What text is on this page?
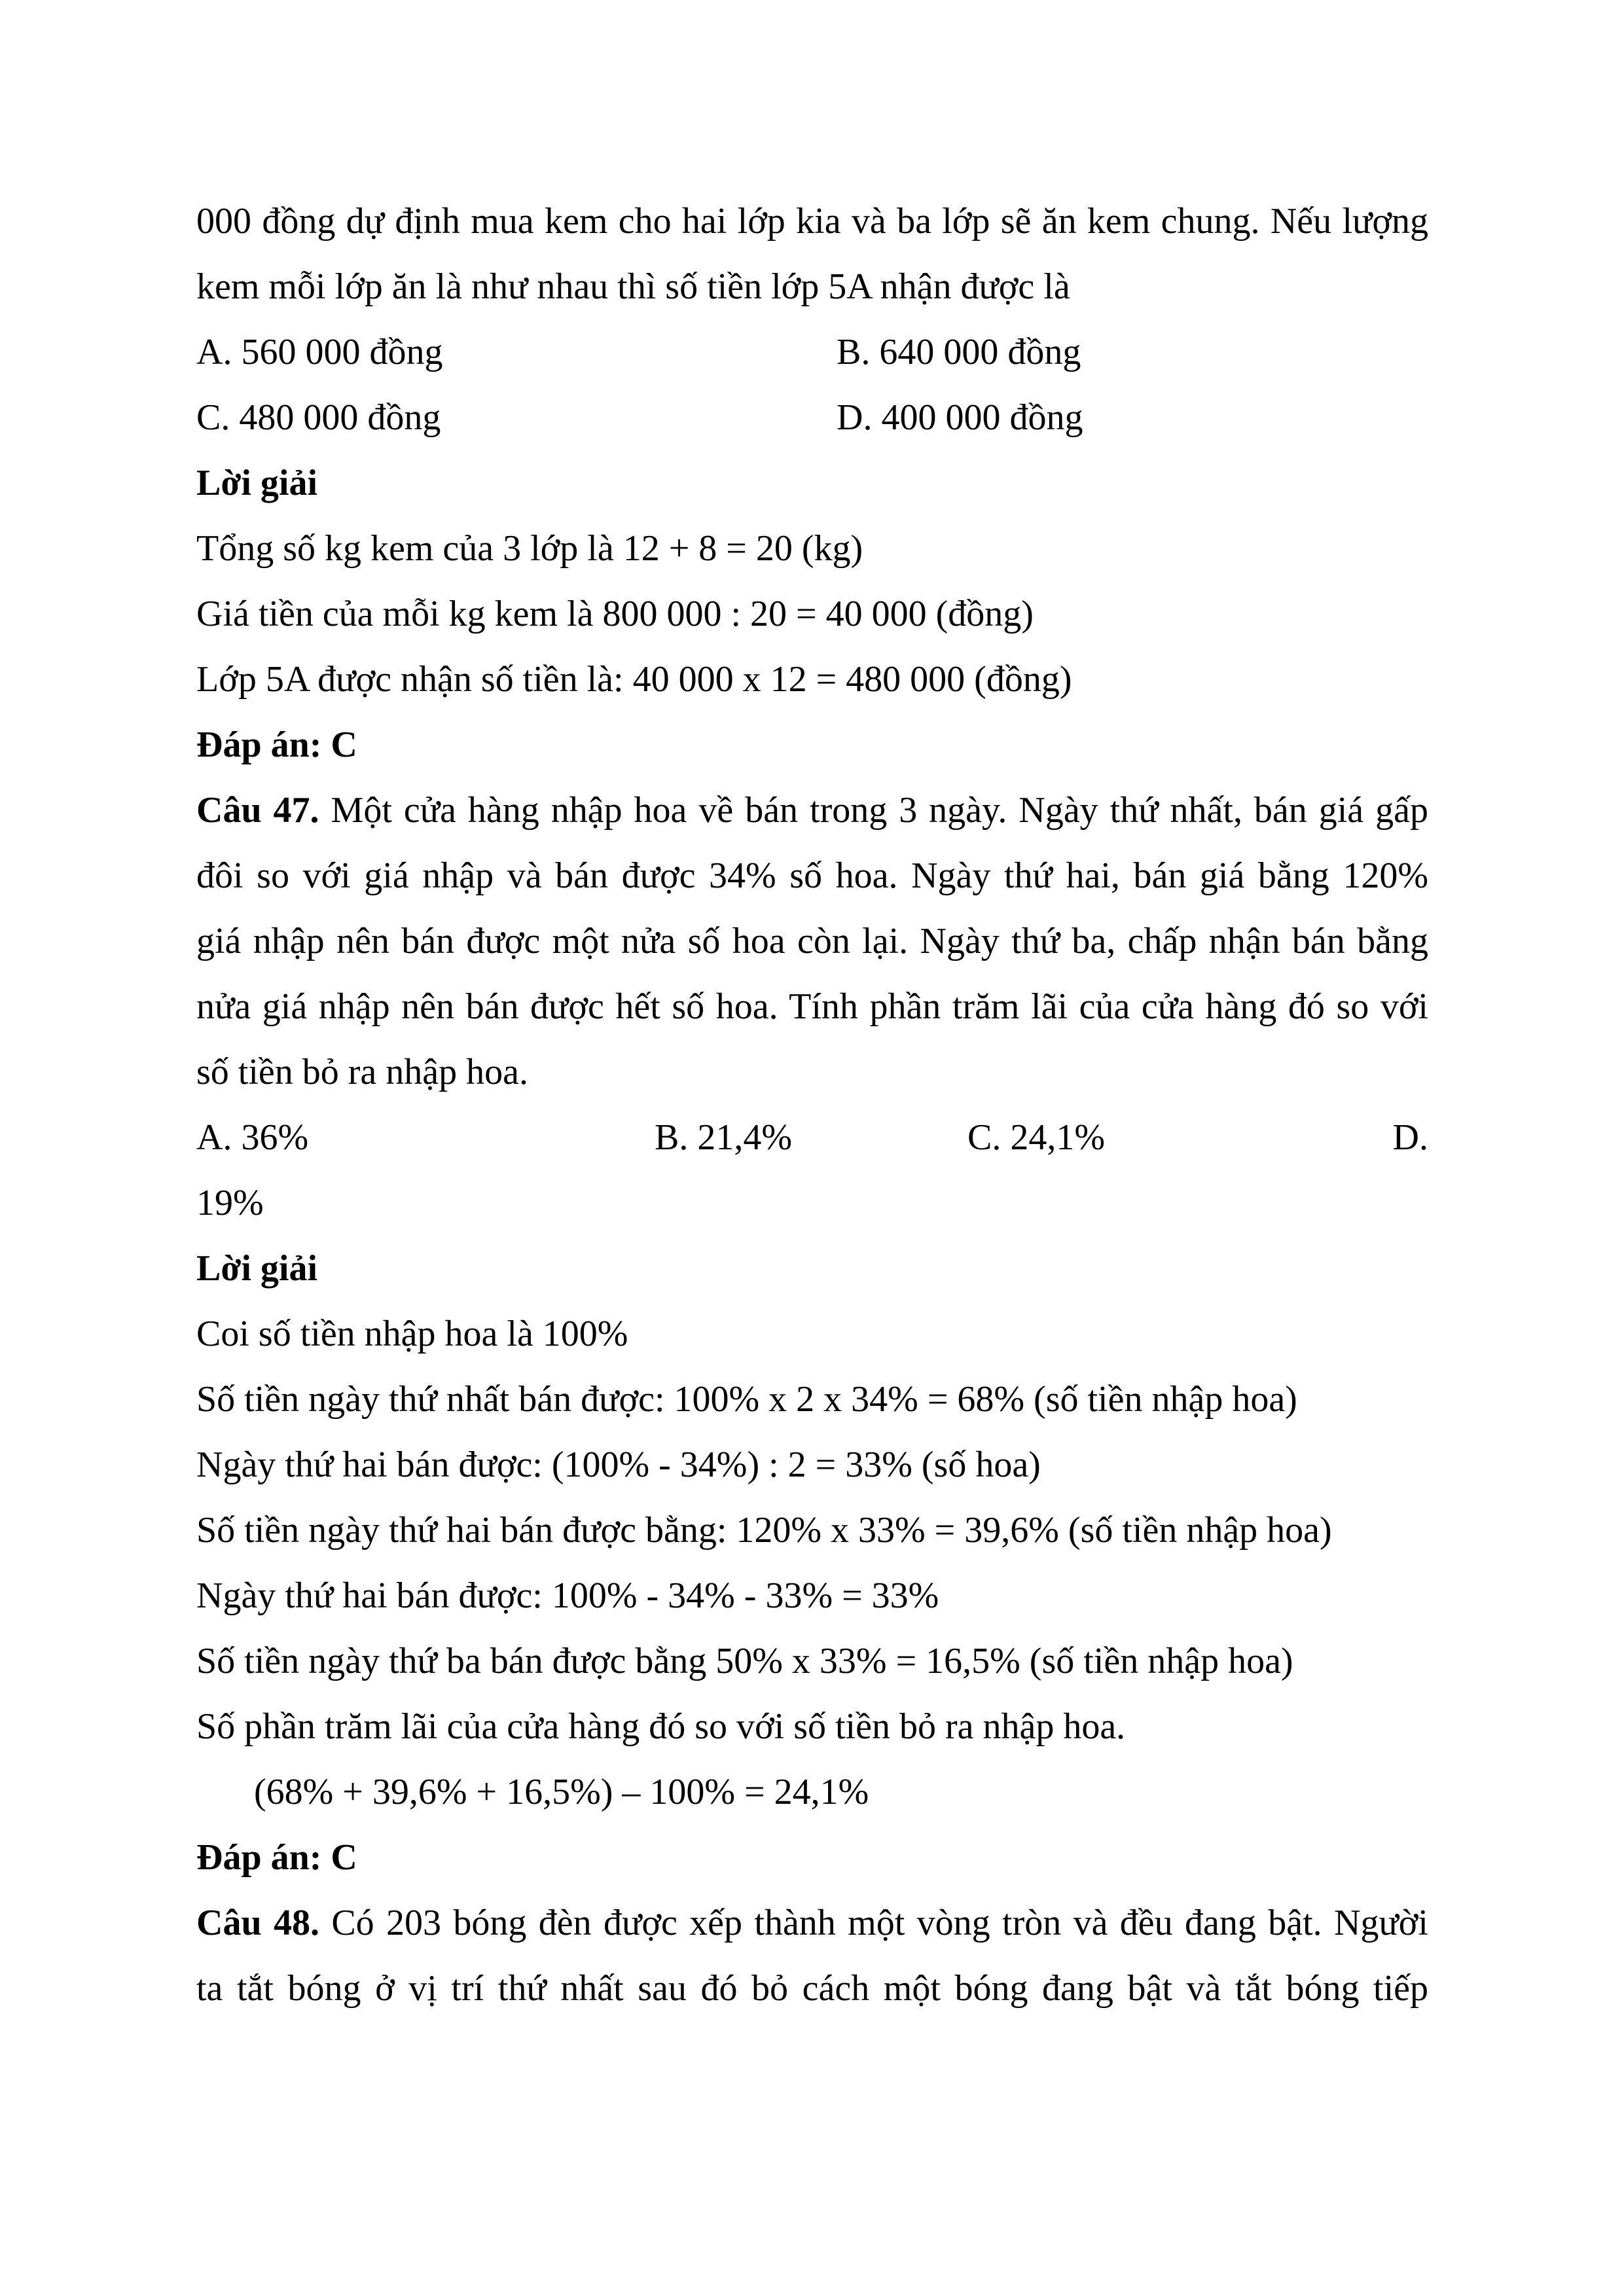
000 đồng dự định mua kem cho hai lớp kia và ba lớp sẽ ăn kem chung. Nếu lượng
kem mỗi lớp ăn là như nhau thì số tiền lớp 5A nhận được là
A. 560 000 đồng	B. 640 000 đồng
C. 480 000 đồng	D. 400 000 đồng
Lời giải
Tổng số kg kem của 3 lớp là 12 + 8 = 20 (kg)
Giá tiền của mỗi kg kem là 800 000 : 20 = 40 000 (đồng)
Lớp 5A được nhận số tiền là: 40 000 x 12 = 480 000 (đồng)
Đáp án: C
Câu 47. Một cửa hàng nhập hoa về bán trong 3 ngày. Ngày thứ nhất, bán giá gấp
đôi so với giá nhập và bán được 34% số hoa. Ngày thứ hai, bán giá bằng 120%
giá nhập nên bán được một nửa số hoa còn lại. Ngày thứ ba, chấp nhận bán bằng
nửa giá nhập nên bán được hết số hoa. Tính phần trăm lãi của cửa hàng đó so với
số tiền bỏ ra nhập hoa.
A. 36%	B. 21,4%	C. 24,1%	D.
19%
Lời giải
Coi số tiền nhập hoa là 100%
Số tiền ngày thứ nhất bán được: 100% x 2 x 34% = 68% (số tiền nhập hoa)
Ngày thứ hai bán được: (100% - 34%) : 2 = 33% (số hoa)
Số tiền ngày thứ hai bán được bằng: 120% x 33% = 39,6% (số tiền nhập hoa)
Ngày thứ hai bán được: 100% - 34% - 33% = 33%
Số tiền ngày thứ ba bán được bằng 50% x 33% = 16,5% (số tiền nhập hoa)
Số phần trăm lãi của cửa hàng đó so với số tiền bỏ ra nhập hoa.
(68% + 39,6% + 16,5%) – 100% = 24,1%
Đáp án: C
Câu 48. Có 203 bóng đèn được xếp thành một vòng tròn và đều đang bật. Người
ta tắt bóng ở vị trí thứ nhất sau đó bỏ cách một bóng đang bật và tắt bóng tiếp
